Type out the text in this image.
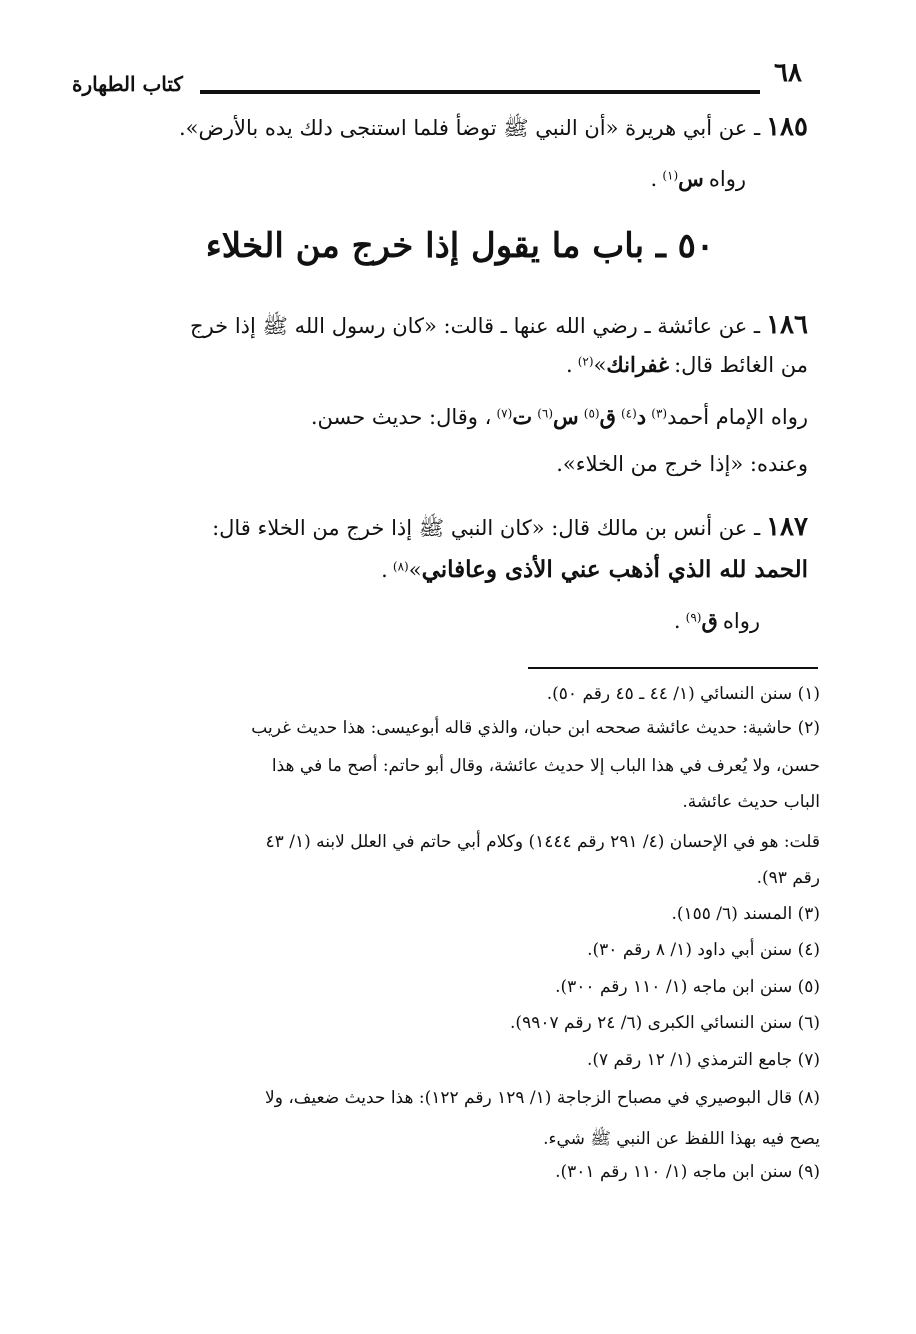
٦٨
كتاب الطهارة
١٨٥ـ عن أبي هريرة «أن النبي ﷺ توضأ فلما استنجى دلك يده بالأرض».
رواه س$^{(١)}$ .
٥٠ ـ باب ما يقول إذا خرج من الخلاء
١٨٦ـ عن عائشة ـ رضي الله عنها ـ قالت: «كان رسول الله ﷺ إذا خرج
من الغائط قال: غفرانك»$^{(٢)}$ .
رواه الإمام أحمد$^{(٣)}$ د$^{(٤)}$ ق$^{(٥)}$ س$^{(٦)}$ ت$^{(٧)}$ ، وقال: حديث حسن.
وعنده: «إذا خرج من الخلاء».
١٨٧ـ عن أنس بن مالك قال: «كان النبي ﷺ إذا خرج من الخلاء قال:
الحمد لله الذي أذهب عني الأذى وعافاني»$^{(٨)}$ .
رواه ق$^{(٩)}$ .
(١) سنن النسائي (١/ ٤٤ ـ ٤٥ رقم ٥٠).
(٢) حاشية: حديث عائشة صححه ابن حبان، والذي قاله أبوعيسى: هذا حديث غريب
حسن، ولا يُعرف في هذا الباب إلا حديث عائشة، وقال أبو حاتم: أصح ما في هذا
الباب حديث عائشة.
قلت: هو في الإحسان (٤/ ٢٩١ رقم ١٤٤٤) وكلام أبي حاتم في العلل لابنه (١/ ٤٣
رقم ٩٣).
(٣) المسند (٦/ ١٥٥).
(٤) سنن أبي داود (١/ ٨ رقم ٣٠).
(٥) سنن ابن ماجه (١/ ١١٠ رقم ٣٠٠).
(٦) سنن النسائي الكبرى (٦/ ٢٤ رقم ٩٩٠٧).
(٧) جامع الترمذي (١/ ١٢ رقم ٧).
(٨) قال البوصيري في مصباح الزجاجة (١/ ١٢٩ رقم ١٢٢): هذا حديث ضعيف، ولا
يصح فيه بهذا اللفظ عن النبي ﷺ شيء.
(٩) سنن ابن ماجه (١/ ١١٠ رقم ٣٠١).
